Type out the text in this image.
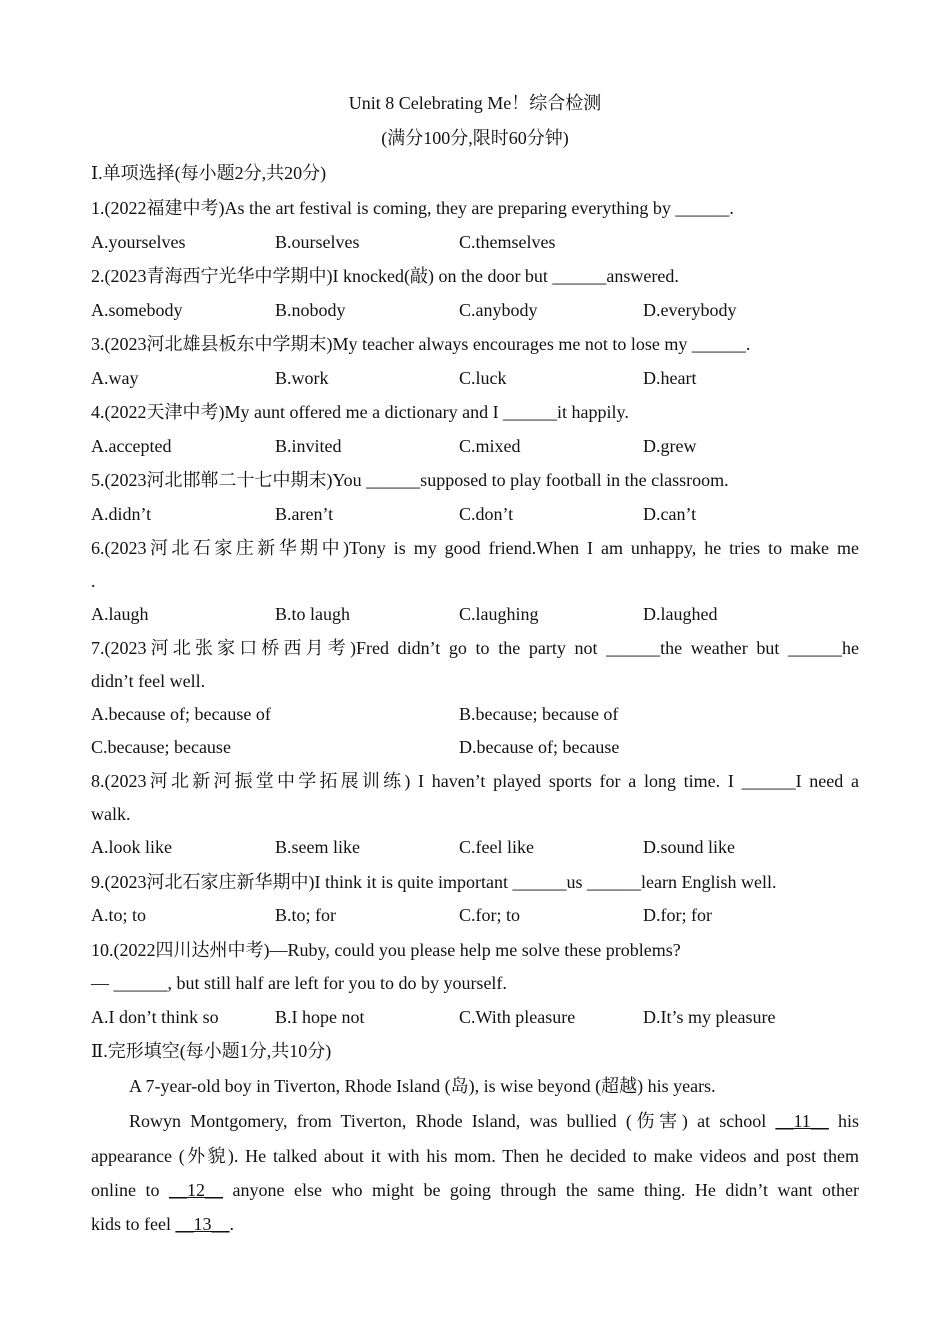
Unit 8 Celebrating Me！综合检测
(满分100分,限时60分钟)
Ⅰ.单项选择(每小题2分,共20分)
1.(2022福建中考)As the art festival is coming, they are preparing everything by ______.
A.yourselves	B.ourselves	C.themselves
2.(2023青海西宁光华中学期中)I knocked(敲) on the door but ______answered.
A.somebody	B.nobody	C.anybody	D.everybody
3.(2023河北雄县板东中学期末)My teacher always encourages me not to lose my ______.
A.way	B.work	C.luck	D.heart
4.(2022天津中考)My aunt offered me a dictionary and I ______it happily.
A.accepted	B.invited	C.mixed	D.grew
5.(2023河北邯郸二十七中期末)You ______supposed to play football in the classroom.
A.didn’t	B.aren’t	C.don’t	D.can’t
6.(2023河北石家庄新华期中)Tony is my good friend.When I am unhappy, he tries to make me
.
A.laugh	B.to laugh	C.laughing	D.laughed
7.(2023河北张家口桥西月考)Fred didn’t go to the party not ______the weather but ______he
didn’t feel well.
A.because of; because of	B.because; because of
C.because; because	D.because of; because
8.(2023河北新河振堂中学拓展训练) I haven’t played sports for a long time. I ______I need a
walk.
A.look like	B.seem like	C.feel like	D.sound like
9.(2023河北石家庄新华期中)I think it is quite important ______us ______learn English well.
A.to; to	B.to; for	C.for; to	D.for; for
10.(2022四川达州中考)—Ruby, could you please help me solve these problems?
— ______, but still half are left for you to do by yourself.
A.I don’t think so	B.I hope not	C.With pleasure	D.It’s my pleasure
Ⅱ.完形填空(每小题1分,共10分)
A 7-year-old boy in Tiverton, Rhode Island (岛), is wise beyond (超越) his years.
Rowyn Montgomery, from Tiverton, Rhode Island, was bullied (伤害) at school __11__ his
appearance (外貌). He talked about it with his mom. Then he decided to make videos and post them
online to __12__ anyone else who might be going through the same thing. He didn’t want other
kids to feel __13__.
